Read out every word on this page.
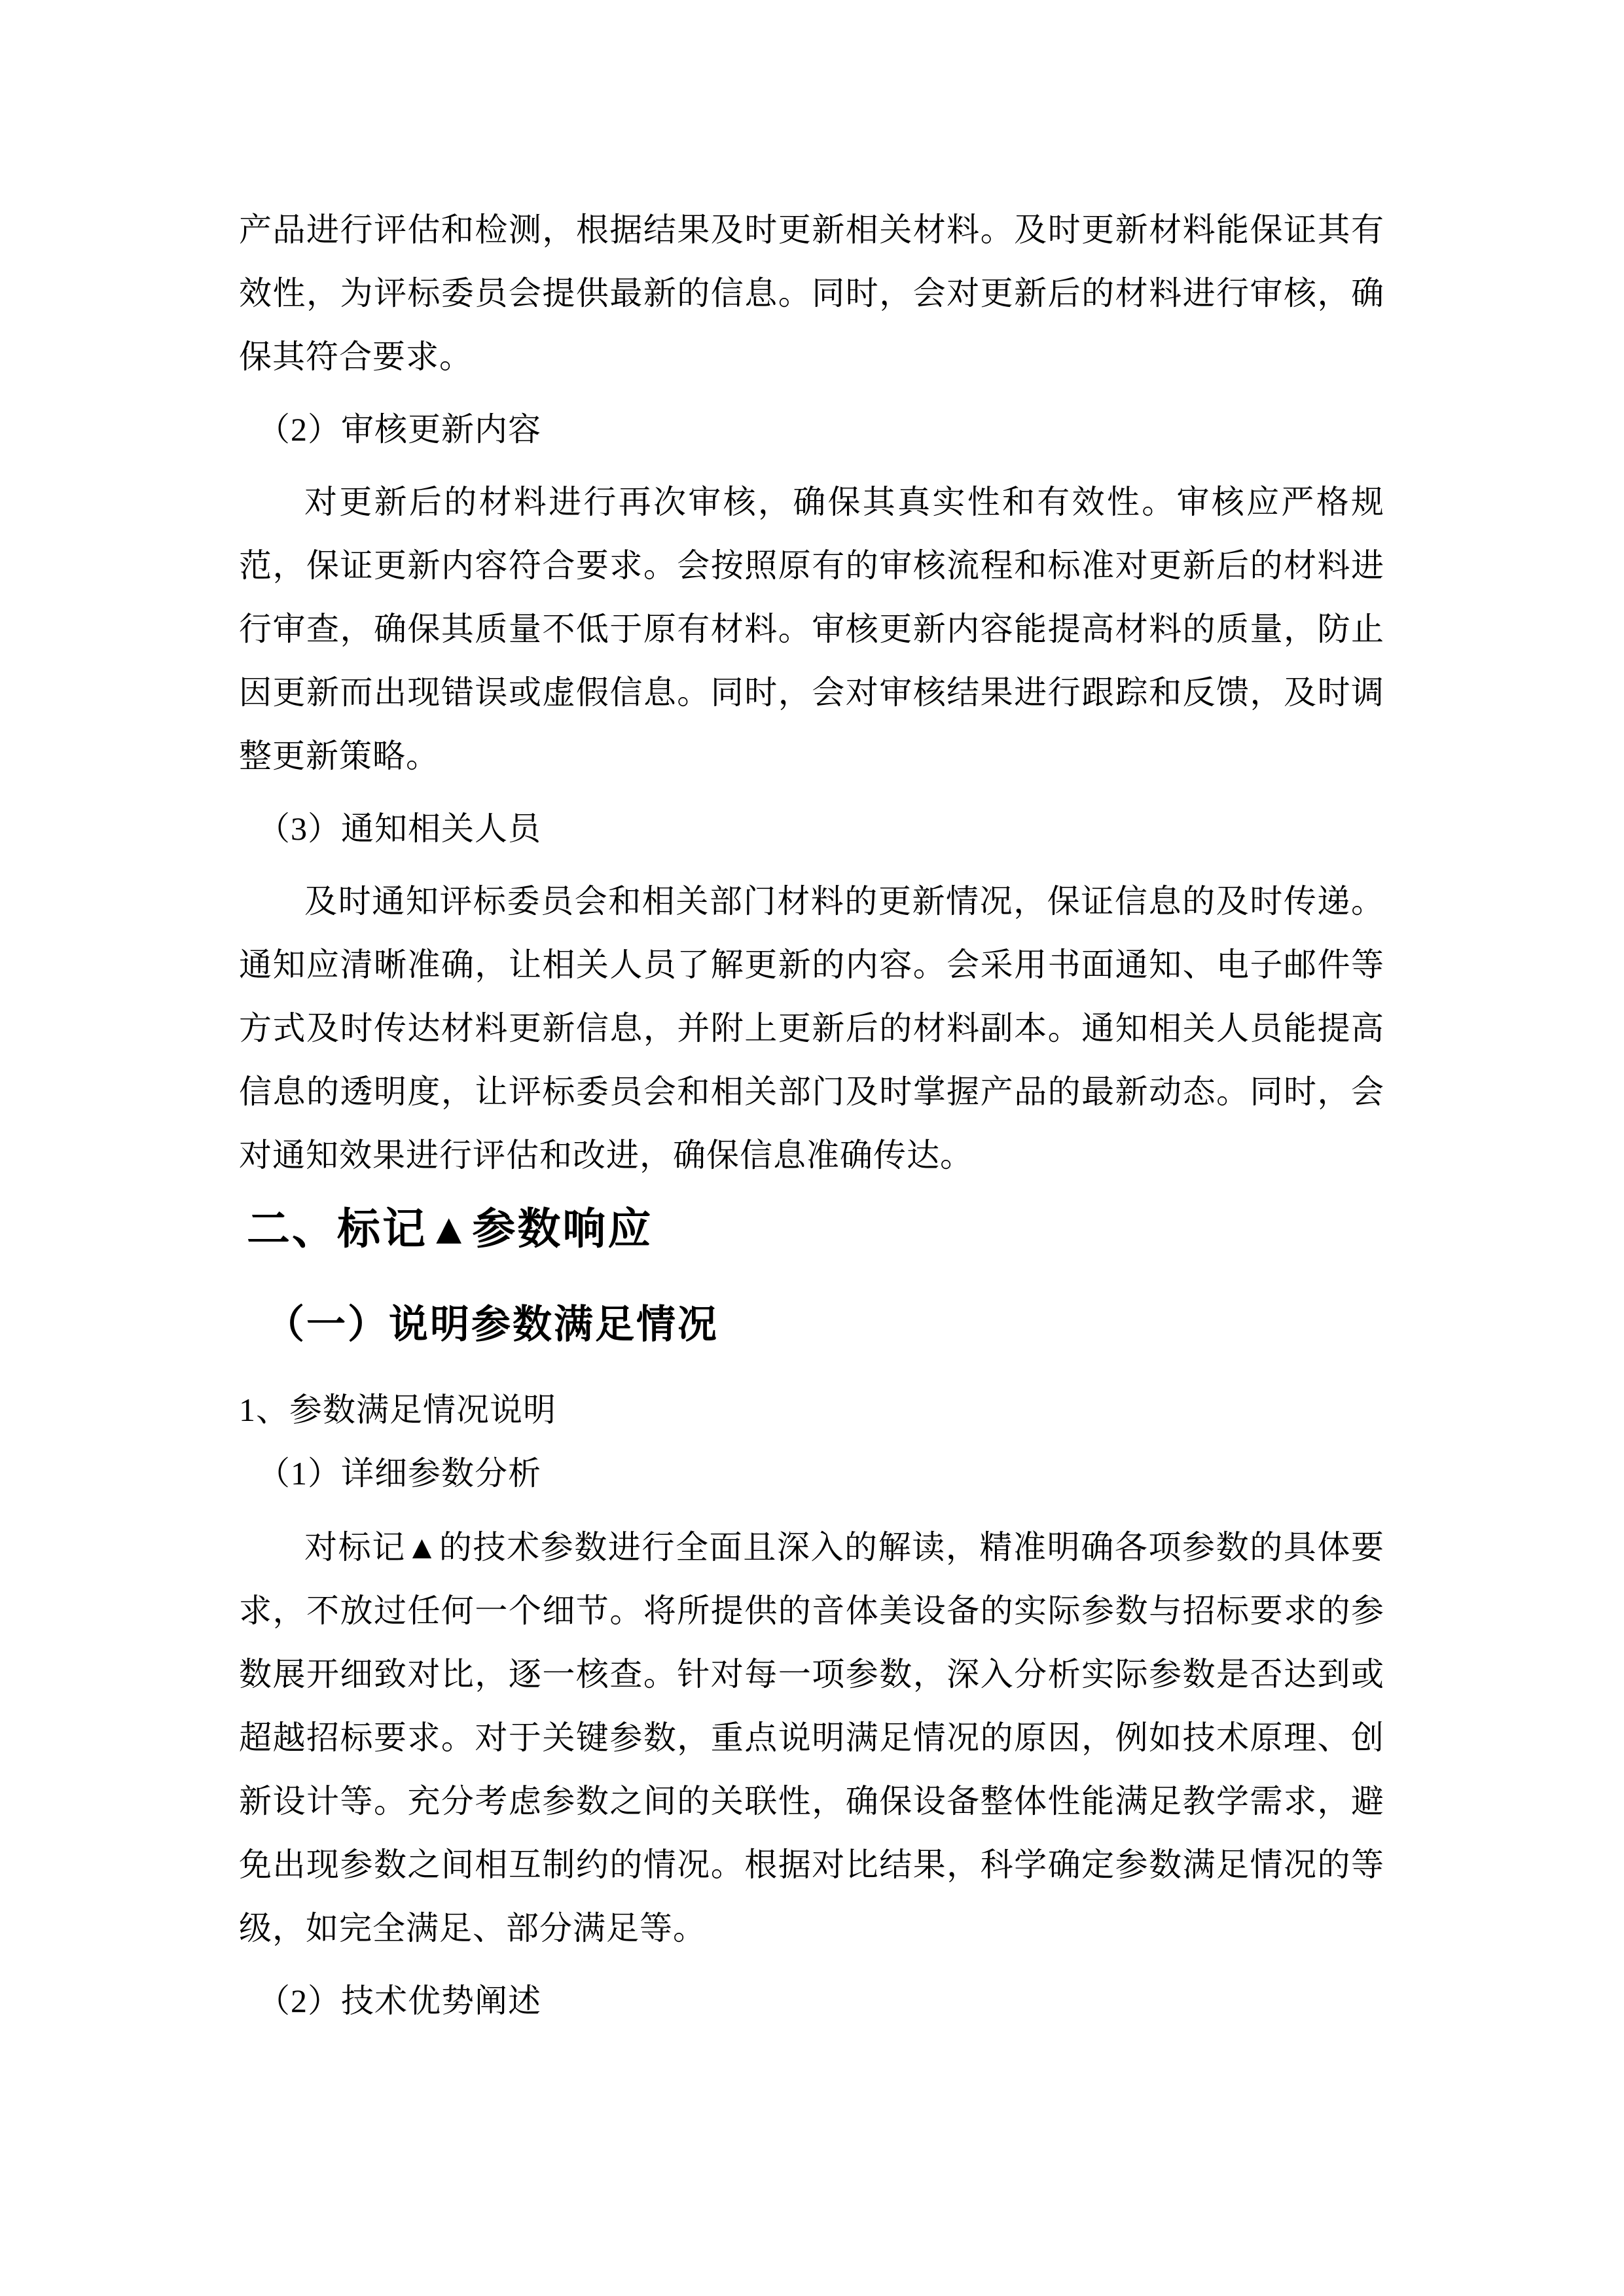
产品进行评估和检测，根据结果及时更新相关材料。及时更新材料能保证其有效性，为评标委员会提供最新的信息。同时，会对更新后的材料进行审核，确保其符合要求。

（2）审核更新内容

对更新后的材料进行再次审核，确保其真实性和有效性。审核应严格规范，保证更新内容符合要求。会按照原有的审核流程和标准对更新后的材料进行审查，确保其质量不低于原有材料。审核更新内容能提高材料的质量，防止因更新而出现错误或虚假信息。同时，会对审核结果进行跟踪和反馈，及时调整更新策略。

（3）通知相关人员

及时通知评标委员会和相关部门材料的更新情况，保证信息的及时传递。通知应清晰准确，让相关人员了解更新的内容。会采用书面通知、电子邮件等方式及时传达材料更新信息，并附上更新后的材料副本。通知相关人员能提高信息的透明度，让评标委员会和相关部门及时掌握产品的最新动态。同时，会对通知效果进行评估和改进，确保信息准确传达。

二、标记▲参数响应
（一）说明参数满足情况

1、参数满足情况说明

（1）详细参数分析

对标记▲的技术参数进行全面且深入的解读，精准明确各项参数的具体要求，不放过任何一个细节。将所提供的音体美设备的实际参数与招标要求的参数展开细致对比，逐一核查。针对每一项参数，深入分析实际参数是否达到或超越招标要求。对于关键参数，重点说明满足情况的原因，例如技术原理、创新设计等。充分考虑参数之间的关联性，确保设备整体性能满足教学需求，避免出现参数之间相互制约的情况。根据对比结果，科学确定参数满足情况的等级，如完全满足、部分满足等。

（2）技术优势阐述
